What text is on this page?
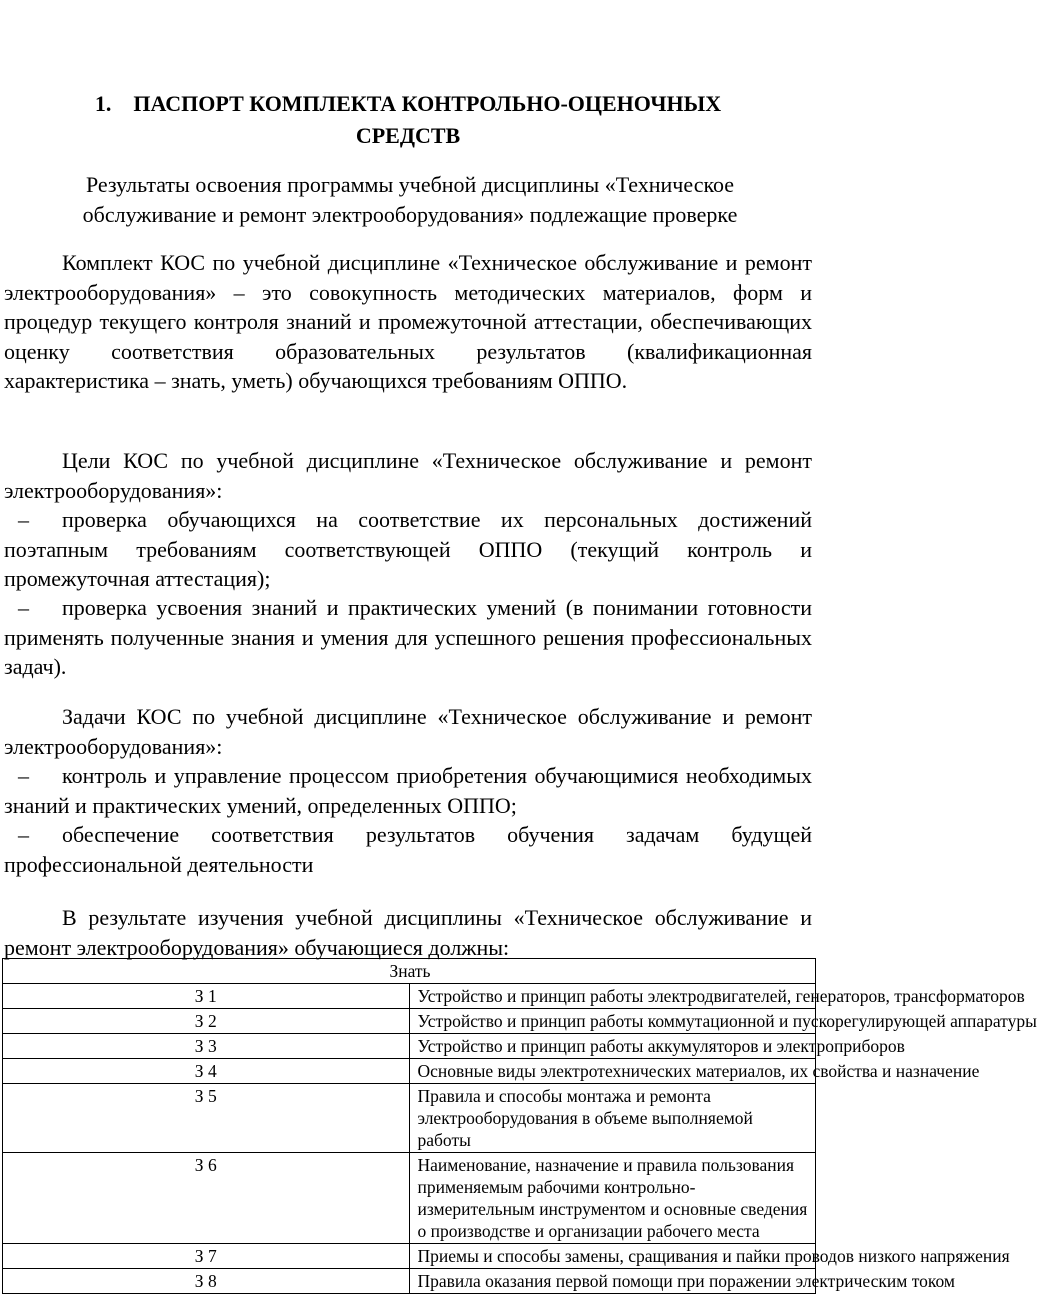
1. ПАСПОРТ КОМПЛЕКТА КОНТРОЛЬНО-ОЦЕНОЧНЫХ
СРЕДСТВ
Результаты освоения программы учебной дисциплины «Техническое обслуживание и ремонт электрооборудования» подлежащие проверке

Комплект КОС по учебной дисциплине «Техническое обслуживание и ремонт электрооборудования» – это совокупность методических материалов, форм и процедур текущего контроля знаний и промежуточной аттестации, обеспечивающих оценку соответствия образовательных результатов (квалификационная характеристика – знать, уметь) обучающихся требованиям ОППО.

Цели КОС по учебной дисциплине «Техническое обслуживание и ремонт электрооборудования»:

– проверка обучающихся на соответствие их персональных достижений поэтапным требованиям соответствующей ОППО (текущий контроль и промежуточная аттестация);
– проверка усвоения знаний и практических умений (в понимании готовности применять полученные знания и умения для успешного решения профессиональных задач).

Задачи КОС по учебной дисциплине «Техническое обслуживание и ремонт электрооборудования»:

– контроль и управление процессом приобретения обучающимися необходимых знаний и практических умений, определенных ОППО;
– обеспечение соответствия результатов обучения задачам будущей профессиональной деятельности

В результате изучения учебной дисциплины «Техническое обслуживание и ремонт электрооборудования» обучающиеся должны:

Знать	
З 1	Устройство и принцип работы электродвигателей, генераторов, трансформаторов
З 2	Устройство и принцип работы коммутационной и пускорегулирующей аппаратуры
З 3	Устройство и принцип работы аккумуляторов и электроприборов
З 4	Основные виды электротехнических материалов, их свойства и назначение
З 5	Правила и способы монтажа и ремонта электрооборудования в объеме выполняемой работы
З 6	Наименование, назначение и правила пользования применяемым рабочими контрольно-измерительным инструментом и основные сведения о производстве и организации рабочего места
З 7	Приемы и способы замены, сращивания и пайки проводов низкого напряжения
З 8	Правила оказания первой помощи при поражении электрическим током
